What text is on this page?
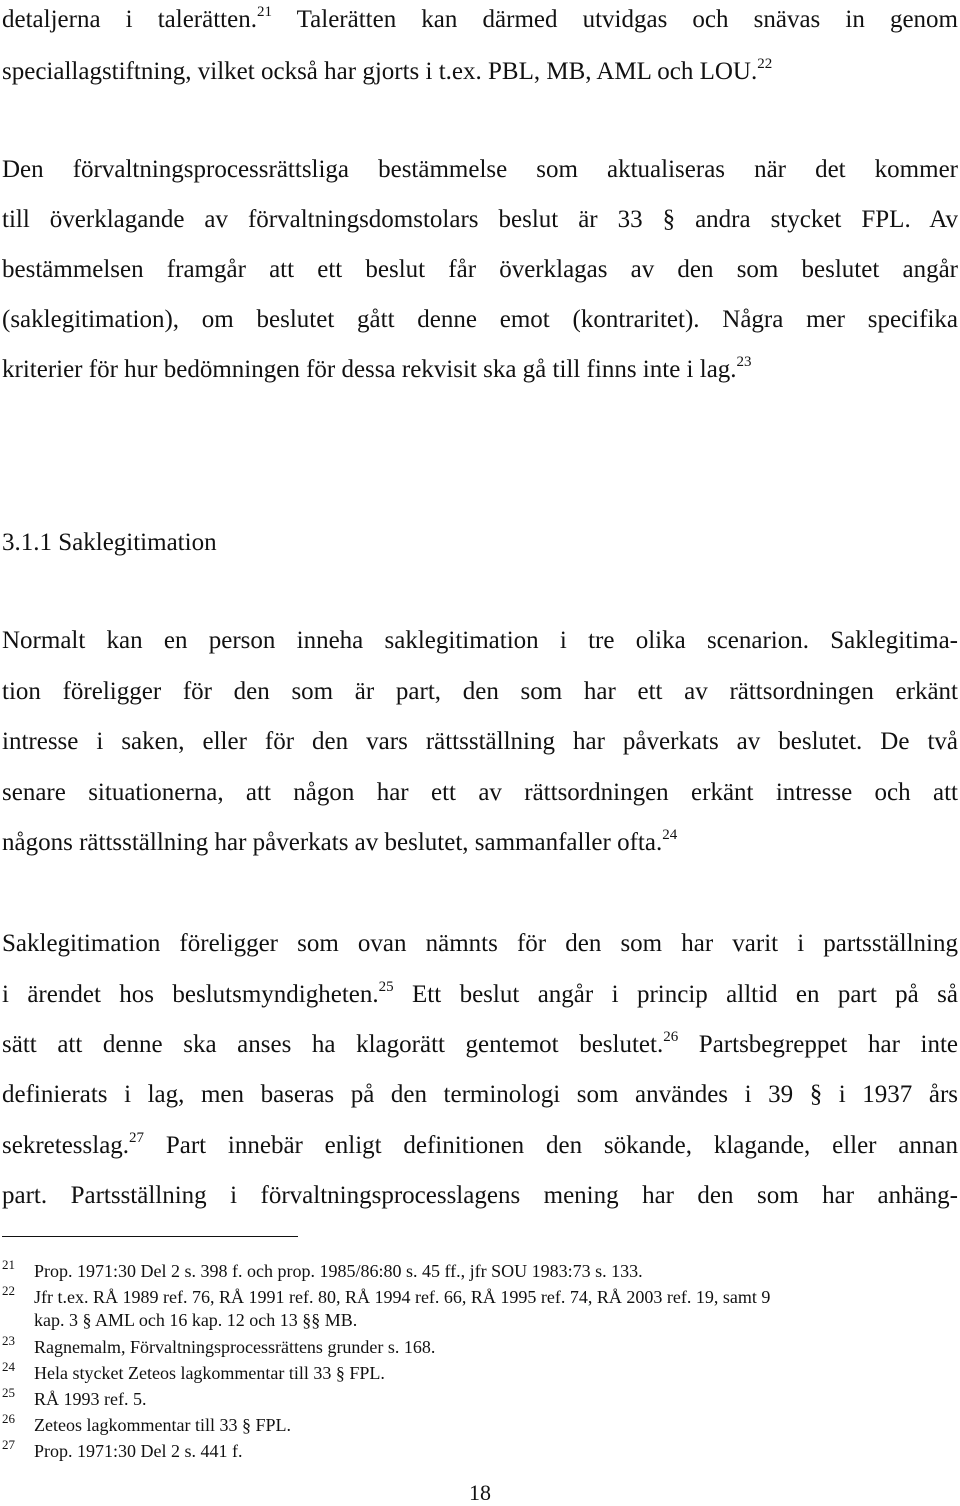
detaljerna i talerätten.$^{21}$ Talerätten kan därmed utvidgas och snävas in genom
speciallagstiftning, vilket också har gjorts i t.ex. PBL, MB, AML och LOU.$^{22}$
Den förvaltningsprocessrättsliga bestämmelse som aktualiseras när det kommer
till överklagande av förvaltningsdomstolars beslut är 33 § andra stycket FPL. Av
bestämmelsen framgår att ett beslut får överklagas av den som beslutet angår
(saklegitimation), om beslutet gått denne emot (kontraritet). Några mer specifika
kriterier för hur bedömningen för dessa rekvisit ska gå till finns inte i lag.$^{23}$
3.1.1 Saklegitimation
Normalt kan en person inneha saklegitimation i tre olika scenarion. Saklegitima-
tion föreligger för den som är part, den som har ett av rättsordningen erkänt
intresse i saken, eller för den vars rättsställning har påverkats av beslutet. De två
senare situationerna, att någon har ett av rättsordningen erkänt intresse och att
någons rättsställning har påverkats av beslutet, sammanfaller ofta.$^{24}$
Saklegitimation föreligger som ovan nämnts för den som har varit i partsställning
i ärendet hos beslutsmyndigheten.$^{25}$ Ett beslut angår i princip alltid en part på så
sätt att denne ska anses ha klagorätt gentemot beslutet.$^{26}$ Partsbegreppet har inte
definierats i lag, men baseras på den terminologi som användes i 39 § i 1937 års
sekretesslag.$^{27}$ Part innebär enligt definitionen den sökande, klagande, eller annan
part. Partsställning i förvaltningsprocesslagens mening har den som har anhäng-
21 Prop. 1971:30 Del 2 s. 398 f. och prop. 1985/86:80 s. 45 ff., jfr SOU 1983:73 s. 133.
22 Jfr t.ex. RÅ 1989 ref. 76, RÅ 1991 ref. 80, RÅ 1994 ref. 66, RÅ 1995 ref. 74, RÅ 2003 ref. 19, samt 9
kap. 3 § AML och 16 kap. 12 och 13 §§ MB.
23 Ragnemalm, Förvaltningsprocessrättens grunder s. 168.
24 Hela stycket Zeteos lagkommentar till 33 § FPL.
25 RÅ 1993 ref. 5.
26 Zeteos lagkommentar till 33 § FPL.
27 Prop. 1971:30 Del 2 s. 441 f.
18
